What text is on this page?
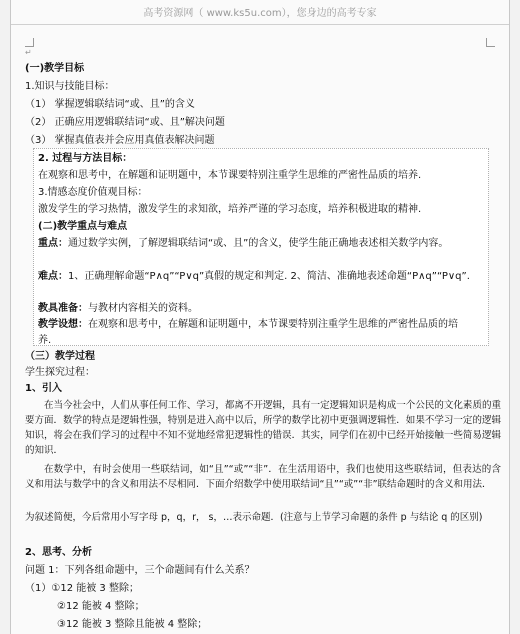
高考资源网（ www.ks5u.com），您身边的高考专家
↵
(一)教学目标
1.知识与技能目标：
（1） 掌握逻辑联结词“或、且”的含义
（2） 正确应用逻辑联结词“或、且”解决问题
（3） 掌握真值表并会应用真值表解决问题
2. 过程与方法目标：
在观察和思考中，在解题和证明题中，本节课要特别注重学生思维的严密性品质的培养.
3.情感态度价值观目标：
激发学生的学习热情，激发学生的求知欲，培养严谨的学习态度，培养积极进取的精神.
(二)教学重点与难点
重点：通过数学实例，了解逻辑联结词“或、且”的含义，使学生能正确地表述相关数学内容。
难点：1、正确理解命题“P∧q”“P∨q”真假的规定和判定. 2、简洁、准确地表述命题“P∧q”“P∨q”.
教具准备：与教材内容相关的资料。
教学设想：在观察和思考中，在解题和证明题中，本节课要特别注重学生思维的严密性品质的培养.
（三）教学过程
学生探究过程：
1、引入
在当今社会中，人们从事任何工作、学习，都离不开逻辑，具有一定逻辑知识是构成一个公民的文化素质的重要方面．数学的特点是逻辑性强，特别是进入高中以后，所学的数学比初中更强调逻辑性．如果不学习一定的逻辑知识，将会在我们学习的过程中不知不觉地经常犯逻辑性的错误．其实，同学们在初中已经开始接触一些简易逻辑的知识．
在数学中，有时会使用一些联结词，如“且”“或”“非”．在生活用语中，我们也使用这些联结词，但表达的含义和用法与数学中的含义和用法不尽相同．下面介绍数学中使用联结词“且”“或”“非”联结命题时的含义和用法．
为叙述简便，今后常用小写字母 p，q，r， s，…表示命题．(注意与上节学习命题的条件 p 与结论 q 的区别)
2、思考、分析
问题 1：下列各组命题中，三个命题间有什么关系？
（1）①12 能被 3 整除；
②12 能被 4 整除；
③12 能被 3 整除且能被 4 整除；
